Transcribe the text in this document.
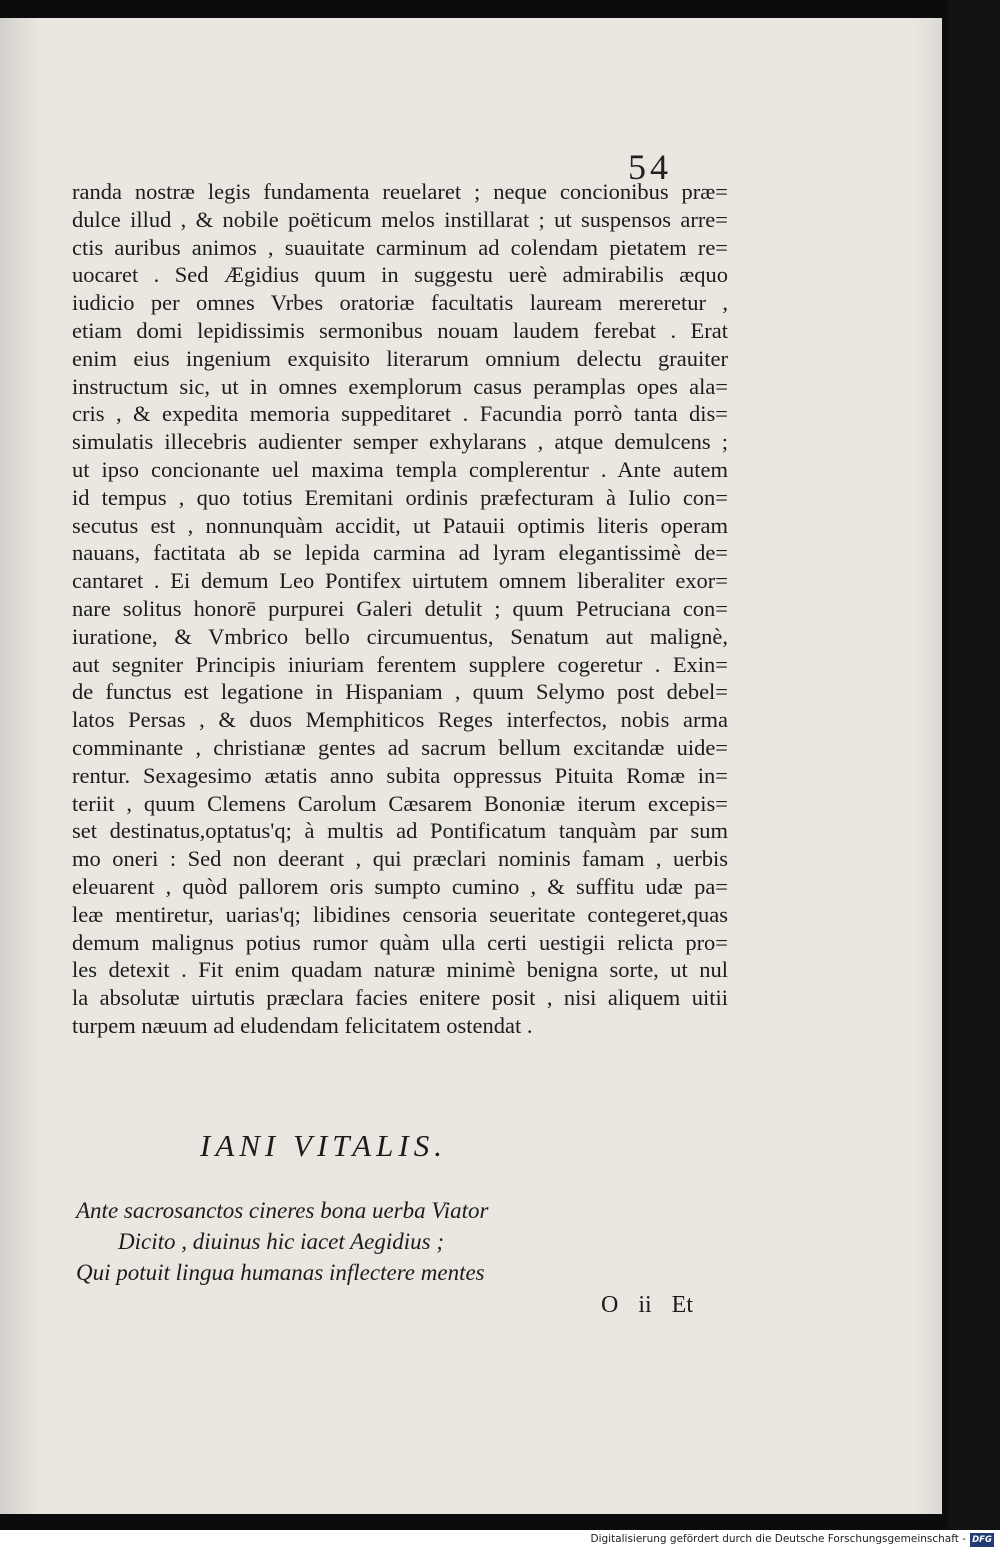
54
randa nostræ legis fundamenta reuelaret ; neque concionibus præ=
dulce illud , & nobile poëticum melos instillarat ; ut suspensos arre=
ctis auribus animos , suauitate carminum ad colendam pietatem re=
uocaret . Sed Ægidius quum in suggestu uerè admirabilis æquo
iudicio per omnes Vrbes oratoriæ facultatis lauream mereretur ,
etiam domi lepidissimis sermonibus nouam laudem ferebat . Erat
enim eius ingenium exquisito literarum omnium delectu grauiter
instructum sic, ut in omnes exemplorum casus peramplas opes ala=
cris , & expedita memoria suppeditaret . Facundia porrò tanta dis=
simulatis illecebris audienter semper exhylarans , atque demulcens ;
ut ipso concionante uel maxima templa complerentur . Ante autem
id tempus , quo totius Eremitani ordinis præfecturam à Iulio con=
secutus est , nonnunquàm accidit, ut Patauii optimis literis operam
nauans, factitata ab se lepida carmina ad lyram elegantissimè de=
cantaret . Ei demum Leo Pontifex uirtutem omnem liberaliter exor=
nare solitus honorē purpurei Galeri detulit ; quum Petruciana con=
iuratione, & Vmbrico bello circumuentus, Senatum aut malignè,
aut segniter Principis iniuriam ferentem supplere cogeretur . Exin=
de functus est legatione in Hispaniam , quum Selymo post debel=
latos Persas , & duos Memphiticos Reges interfectos, nobis arma
comminante , christianæ gentes ad sacrum bellum excitandæ uide=
rentur. Sexagesimo ætatis anno subita oppressus Pituita Romæ in=
teriit , quum Clemens Carolum Cæsarem Bononiæ iterum excepis=
set destinatus,optatus'q; à multis ad Pontificatum tanquàm par sum
mo oneri : Sed non deerant , qui præclari nominis famam , uerbis
eleuarent , quòd pallorem oris sumpto cumino , & suffitu udæ pa=
leæ mentiretur, uarias'q; libidines censoria seueritate contegeret,quas
demum malignus potius rumor quàm ulla certi uestigii relicta pro=
les detexit . Fit enim quadam naturæ minimè benigna sorte, ut nul
la absolutæ uirtutis præclara facies enitere posit , nisi aliquem uitii
turpem næuum ad eludendam felicitatem ostendat .
IANI VITALIS.
Ante sacrosanctos cineres bona uerba Viator
Dicito , diuinus hic iacet Aegidius ;
Qui potuit lingua humanas inflectere mentes
O ii Et
Digitalisierung gefördert durch die Deutsche Forschungsgemeinschaft - DFG
